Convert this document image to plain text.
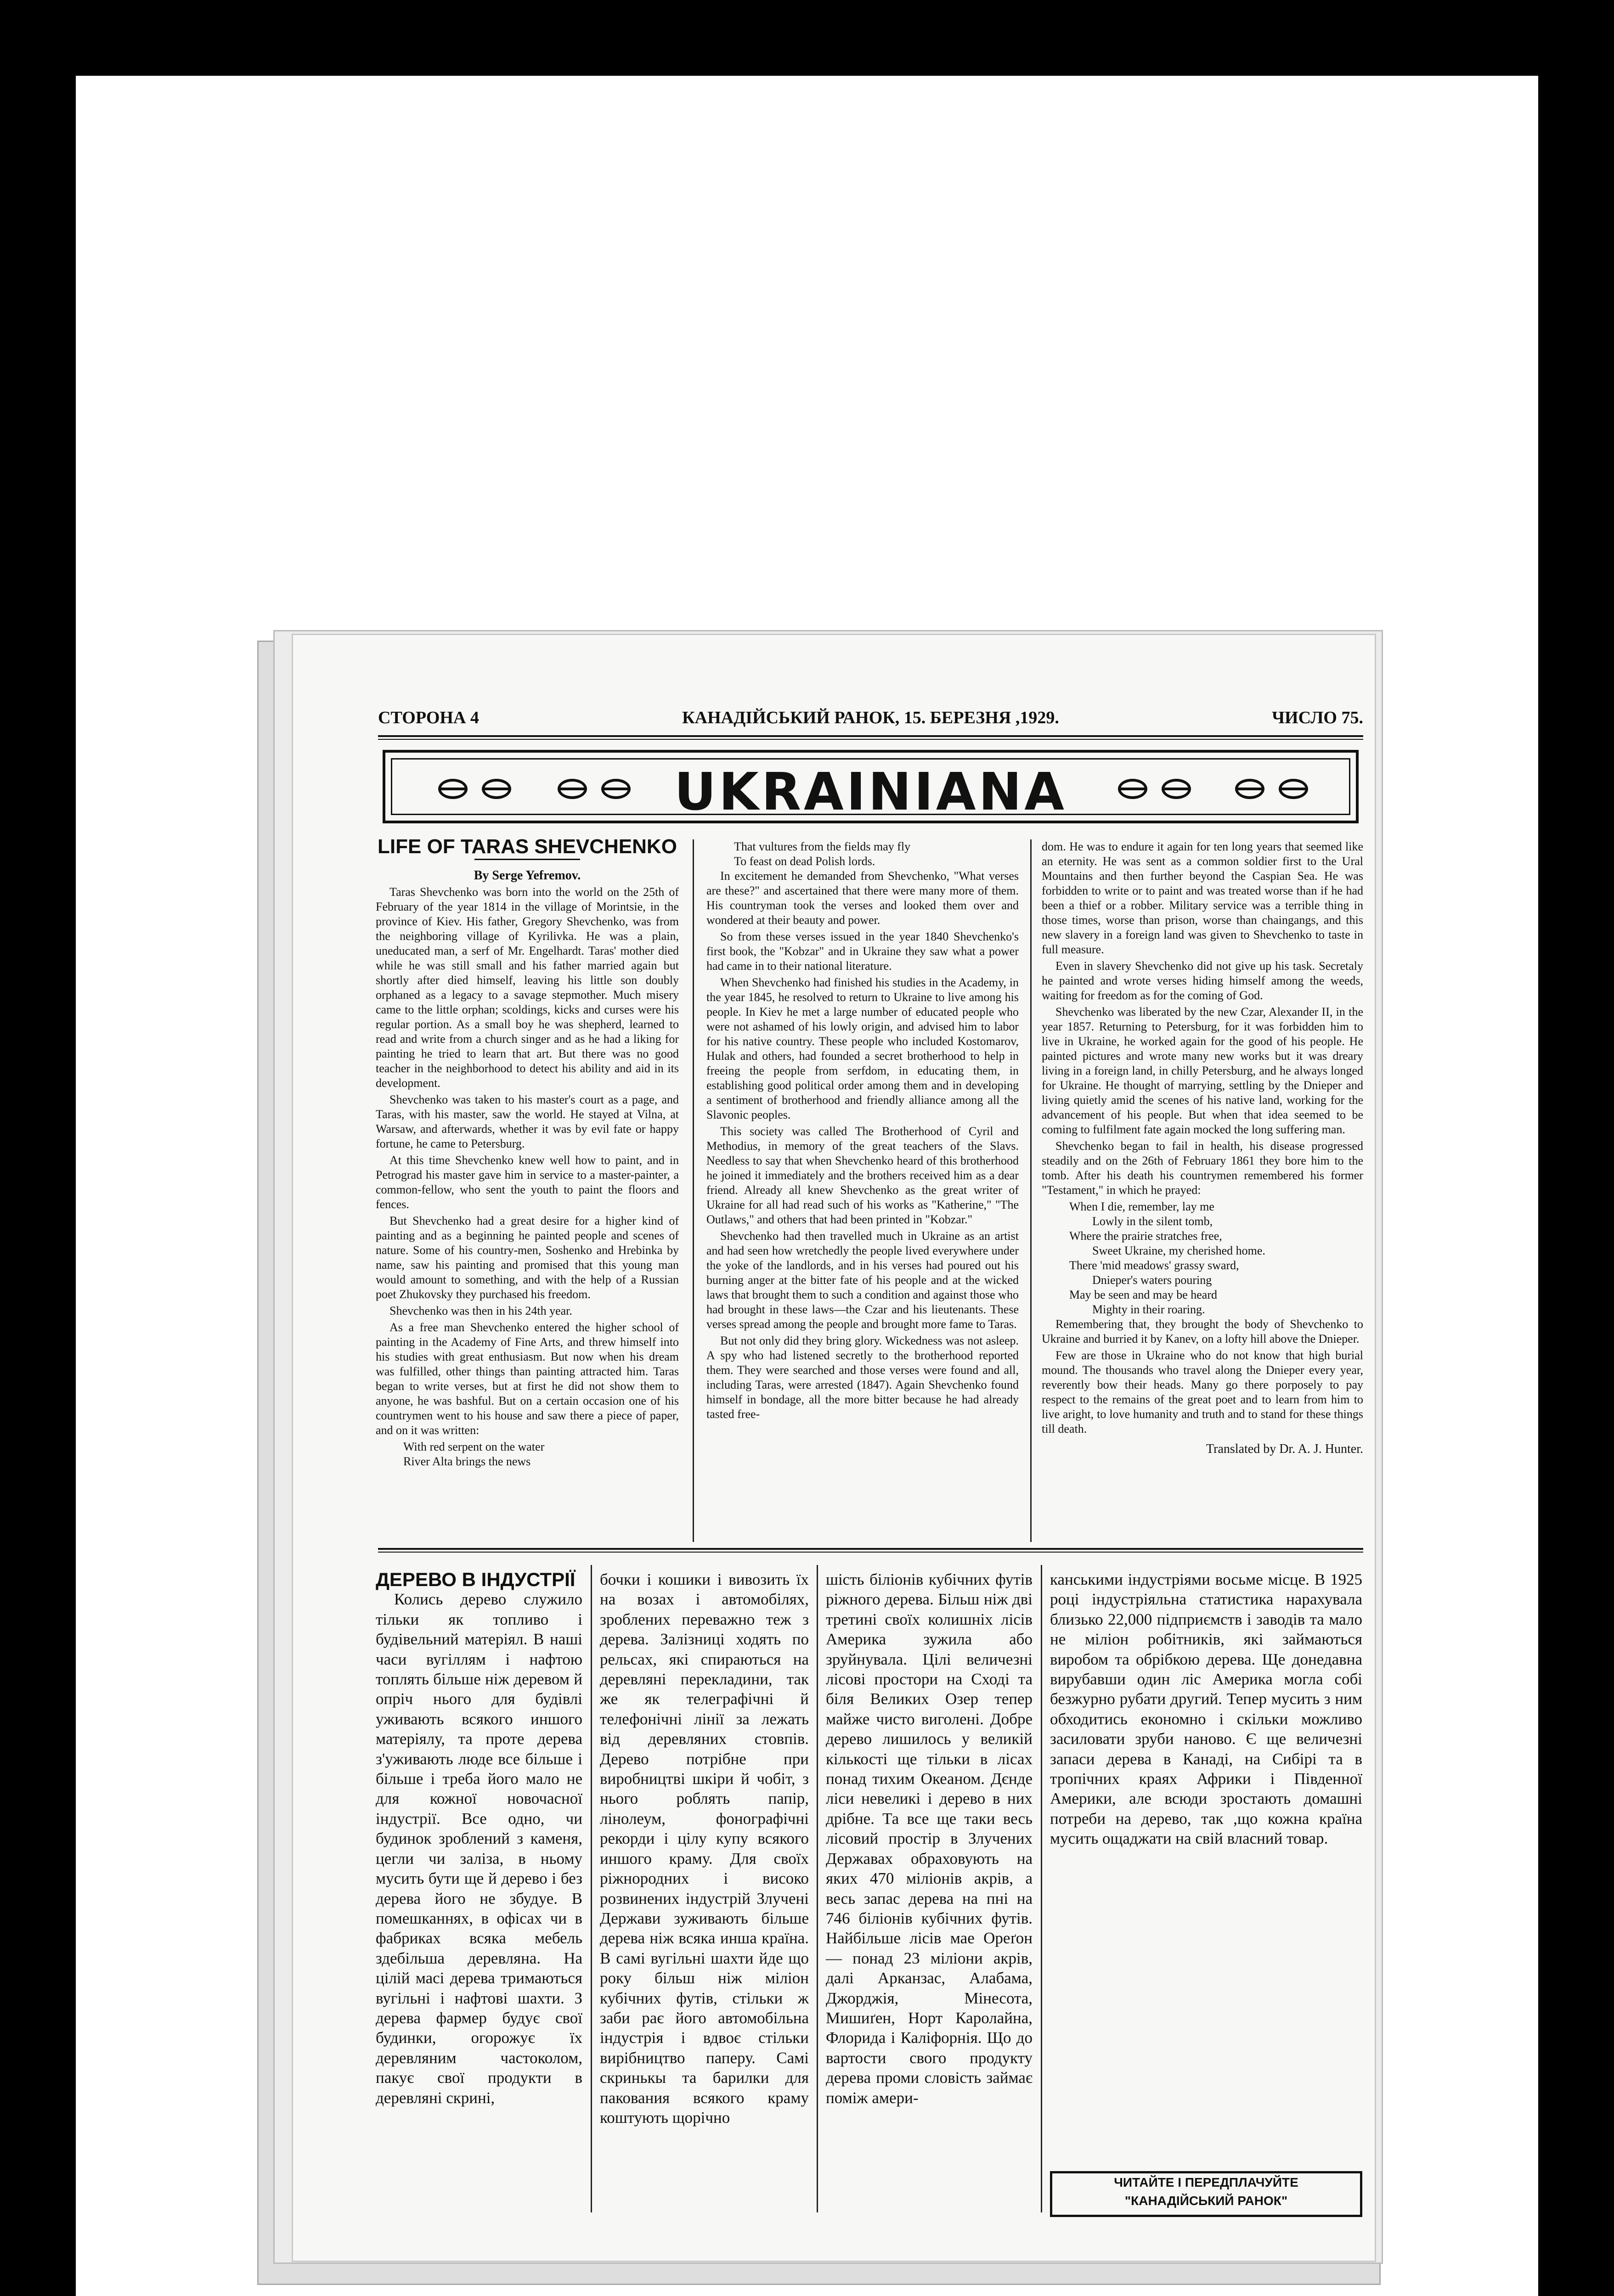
СТОРОНА 4	КАНАДІЙСЬКИЙ РАНОК, 15. БЕРЕЗНЯ ,1929.	ЧИСЛО 75.
UKRAINIANA
LIFE OF TARAS SHEVCHENKO

By Serge Yefremov.

Taras Shevchenko was born into the world on the 25th of February of the year 1814 in the village of Morintsie, in the province of Kiev. His father, Gregory Shevchenko, was from the neighboring village of Kyrilivka. He was a plain, uneducated man, a serf of Mr. Engelhardt. Taras' mother died while he was still small and his father married again but shortly after died himself, leaving his little son doubly orphaned as a legacy to a savage stepmother. Much misery came to the little orphan; scoldings, kicks and curses were his regular portion. As a small boy he was shepherd, learned to read and write from a church singer and as he had a liking for painting he tried to learn that art. But there was no good teacher in the neighborhood to detect his ability and aid in its development.

Shevchenko was taken to his master's court as a page, and Taras, with his master, saw the world. He stayed at Vilna, at Warsaw, and afterwards, whether it was by evil fate or happy fortune, he came to Petersburg.

At this time Shevchenko knew well how to paint, and in Petrograd his master gave him in service to a master-painter, a common-fellow, who sent the youth to paint the floors and fences.

But Shevchenko had a great desire for a higher kind of painting and as a beginning he painted people and scenes of nature. Some of his country-men, Soshenko and Hrebinka by name, saw his painting and promised that this young man would amount to something, and with the help of a Russian poet Zhukovsky they purchased his freedom.

Shevchenko was then in his 24th year.

As a free man Shevchenko entered the higher school of painting in the Academy of Fine Arts, and threw himself into his studies with great enthusiasm. But now when his dream was fulfilled, other things than painting attracted him. Taras began to write verses, but at first he did not show them to anyone, he was bashful. But on a certain occasion one of his countrymen went to his house and saw there a piece of paper, and on it was written:

With red serpent on the water

River Alta brings the news

That vultures from the fields may fly

To feast on dead Polish lords.

In excitement he demanded from Shevchenko, "What verses are these?" and ascertained that there were many more of them. His countryman took the verses and looked them over and wondered at their beauty and power.

So from these verses issued in the year 1840 Shevchenko's first book, the "Kobzar" and in Ukraine they saw what a power had came in to their national literature.

When Shevchenko had finished his studies in the Academy, in the year 1845, he resolved to return to Ukraine to live among his people. In Kiev he met a large number of educated people who were not ashamed of his lowly origin, and advised him to labor for his native country. These people who included Kostomarov, Hulak and others, had founded a secret brotherhood to help in freeing the people from serfdom, in educating them, in establishing good political order among them and in developing a sentiment of brotherhood and friendly alliance among all the Slavonic peoples.

This society was called The Brotherhood of Cyril and Methodius, in memory of the great teachers of the Slavs. Needless to say that when Shevchenko heard of this brotherhood he joined it immediately and the brothers received him as a dear friend. Already all knew Shevchenko as the great writer of Ukraine for all had read such of his works as "Katherine," "The Outlaws," and others that had been printed in "Kobzar."

Shevchenko had then travelled much in Ukraine as an artist and had seen how wretchedly the people lived everywhere under the yoke of the landlords, and in his verses had poured out his burning anger at the bitter fate of his people and at the wicked laws that brought them to such a condition and against those who had brought in these laws—the Czar and his lieutenants. These verses spread among the people and brought more fame to Taras.

But not only did they bring glory. Wickedness was not asleep. A spy who had listened secretly to the brotherhood reported them. They were searched and those verses were found and all, including Taras, were arrested (1847). Again Shevchenko found himself in bondage, all the more bitter because he had already tasted free-

dom. He was to endure it again for ten long years that seemed like an eternity. He was sent as a common soldier first to the Ural Mountains and then further beyond the Caspian Sea. He was forbidden to write or to paint and was treated worse than if he had been a thief or a robber. Military service was a terrible thing in those times, worse than prison, worse than chaingangs, and this new slavery in a foreign land was given to Shevchenko to taste in full measure.

Even in slavery Shevchenko did not give up his task. Secretaly he painted and wrote verses hiding himself among the weeds, waiting for freedom as for the coming of God.

Shevchenko was liberated by the new Czar, Alexander II, in the year 1857. Returning to Petersburg, for it was forbidden him to live in Ukraine, he worked again for the good of his people. He painted pictures and wrote many new works but it was dreary living in a foreign land, in chilly Petersburg, and he always longed for Ukraine. He thought of marrying, settling by the Dnieper and living quietly amid the scenes of his native land, working for the advancement of his people. But when that idea seemed to be coming to fulfilment fate again mocked the long suffering man.

Shevchenko began to fail in health, his disease progressed steadily and on the 26th of February 1861 they bore him to the tomb. After his death his countrymen remembered his former "Testament," in which he prayed:

When I die, remember, lay me

Lowly in the silent tomb,

Where the prairie stratches free,

Sweet Ukraine, my cherished home.

There 'mid meadows' grassy sward,

Dnieper's waters pouring

May be seen and may be heard

Mighty in their roaring.

Remembering that, they brought the body of Shevchenko to Ukraine and burried it by Kanev, on a lofty hill above the Dnieper.

Few are those in Ukraine who do not know that high burial mound. The thousands who travel along the Dnieper every year, reverently bow their heads. Many go there porposely to pay respect to the remains of the great poet and to learn from him to live aright, to love humanity and truth and to stand for these things till death.

Translated by Dr. A. J. Hunter.

ДЕРЕВО В ІНДУСТРІЇ

Колись дерево служило тільки як топливо і будівельний матеріял. В наші часи вугіллям і нафтою топлять більше ніж деревом й опріч нього для будівлі уживають всякого иншого матеріялу, та проте дерева з'уживають люде все більше і більше і треба його мало не для кожної новочасної індустрії. Все одно, чи будинок зроблений з каменя, цегли чи заліза, в ньому мусить бути ще й дерево і без дерева його не збудуе. В помешканнях, в офісах чи в фабриках всяка мебель здебільша деревляна. На цілій масі дерева тримаються вугільні і нафтові шахти. З дерева фармер будує свої будинки, огорожує їх деревляним частоколом, пакує свої продукти в деревляні скрині,

бочки і кошики і вивозить їх на возах і автомобілях, зроблених переважно теж з дерева. Залізниці ходять по рельсах, які спираються на деревляні перекладини, так же як телеграфічні й телефонічні лінії за лежать від деревляних стовпів. Дерево потрібне при виробництві шкіри й чобіт, з нього роблять папір, лінолеум, фонографічні рекорди і цілу купу всякого иншого краму. Для своїх ріжнородних і високо розвинених індустрій Злучені Держави зуживають більше дерева ніж всяка инша країна. В самі вугільні шахти йде що року більш ніж міліон кубічних футів, стільки ж заби рає його автомобільна індустрія і вдвоє стільки вирібництво паперу. Самі скринькы та барилки для пакования всякого краму коштують щорічно

шість біліонів кубічних футів ріжного дерева. Більш ніж дві третині своїх колишніх лісів Америка зужила або зруйнувала. Цілі величезні лісові простори на Сході та біля Великих Озер тепер майже чисто виголені. Добре дерево лишилось у великій кількості ще тільки в лісах понад тихим Океаном. Дєнде ліси невеликі і дерево в них дрібне. Та все ще таки весь лісовий простір в Злучених Державах обраховують на яких 470 міліонів акрів, а весь запас дерева на пні на 746 біліонів кубічних футів. Найбільше лісів мае Ореґон — понад 23 міліони акрів, далі Арканзас, Алабама, Джорджія, Мінесота, Мишиґен, Норт Каролайна, Флорида і Каліфорнія. Що до вартости свого продукту дерева проми словість займає поміж амери-

канськими індустріями восьме місце. В 1925 році індустріяльна статистика нарахувала близько 22,000 підприємств і заводів та мало не міліон робітників, які займаються виробом та обрібкою дерева. Ще донедавна вирубавши один ліс Америка могла собі безжурно рубати другий. Тепер мусить з ним обходитись економно і скільки можливо засиловати зруби наново. Є ще величезні запаси дерева в Канаді, на Сибірі та в тропічних краях Африки і Південної Америки, але всюди зростають домашні потреби на дерево, так ,що кожна країна мусить ощаджати на свій власний товар.

ЧИТАЙТЕ І ПЕРЕДПЛАЧУЙТЕ

"КАНАДІЙСЬКИЙ РАНОК"
